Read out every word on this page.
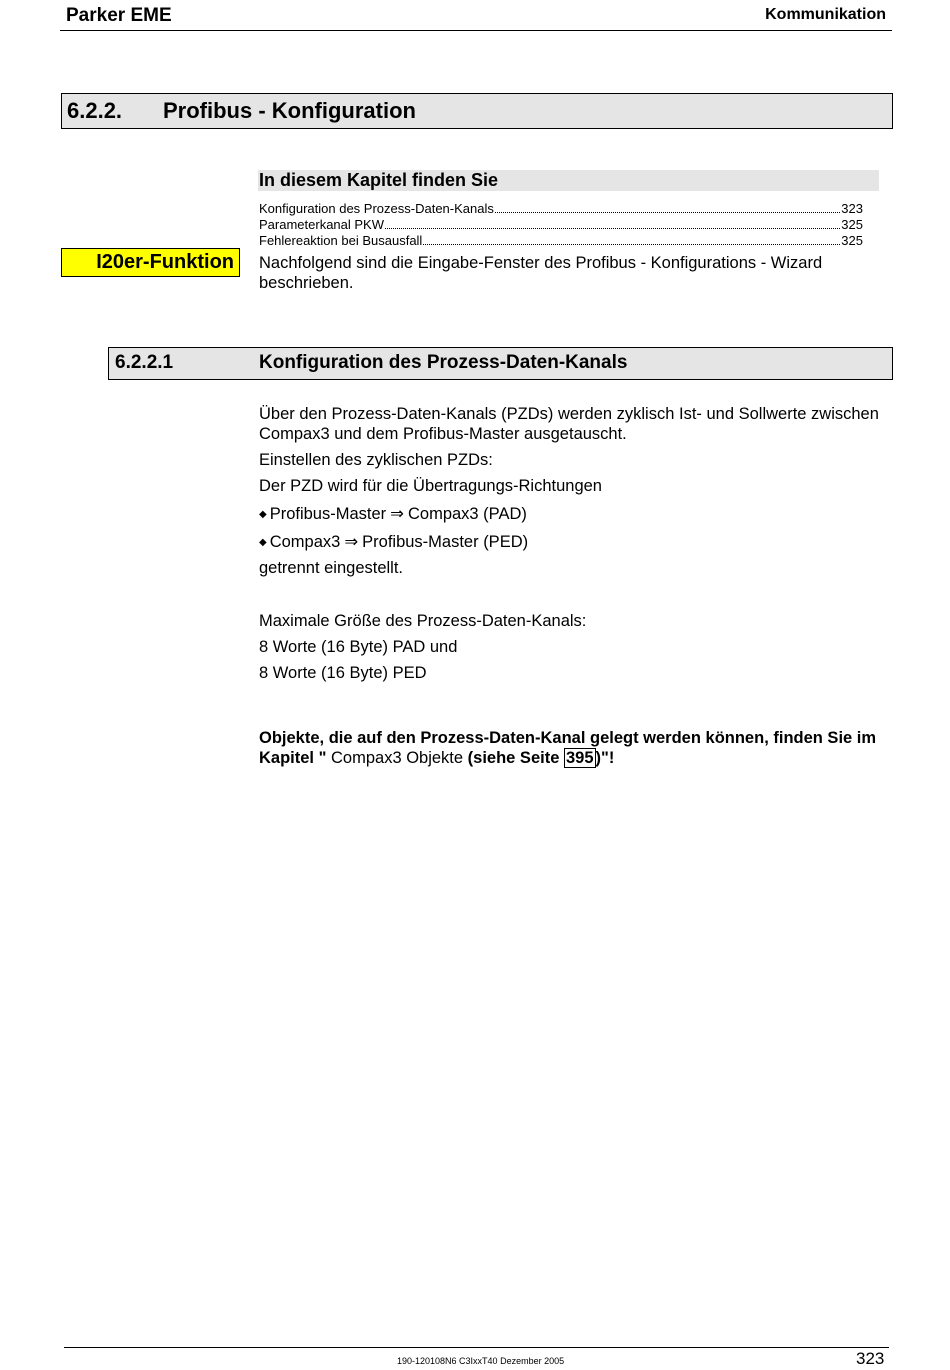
Parker EME	Kommunikation
6.2.2. Profibus - Konfiguration
In diesem Kapitel finden Sie
Konfiguration des Prozess-Daten-Kanals	323
Parameterkanal PKW	325
Fehlereaktion bei Busausfall	325
I20er-Funktion	Nachfolgend sind die Eingabe-Fenster des Profibus - Konfigurations - Wizard beschrieben.
6.2.2.1	Konfiguration des Prozess-Daten-Kanals
Über den Prozess-Daten-Kanals (PZDs) werden zyklisch Ist- und Sollwerte zwischen Compax3 und dem Profibus-Master ausgetauscht.
Einstellen des zyklischen PZDs:
Der PZD wird für die Übertragungs-Richtungen
◆ Profibus-Master ⇒ Compax3 (PAD)
◆ Compax3 ⇒ Profibus-Master (PED)
getrennt eingestellt.
Maximale Größe des Prozess-Daten-Kanals:
8 Worte (16 Byte) PAD und
8 Worte (16 Byte) PED
Objekte, die auf den Prozess-Daten-Kanal gelegt werden können, finden Sie im Kapitel " Compax3 Objekte (siehe Seite 395 )"!
190-120108N6 C3IxxT40 Dezember 2005	323
